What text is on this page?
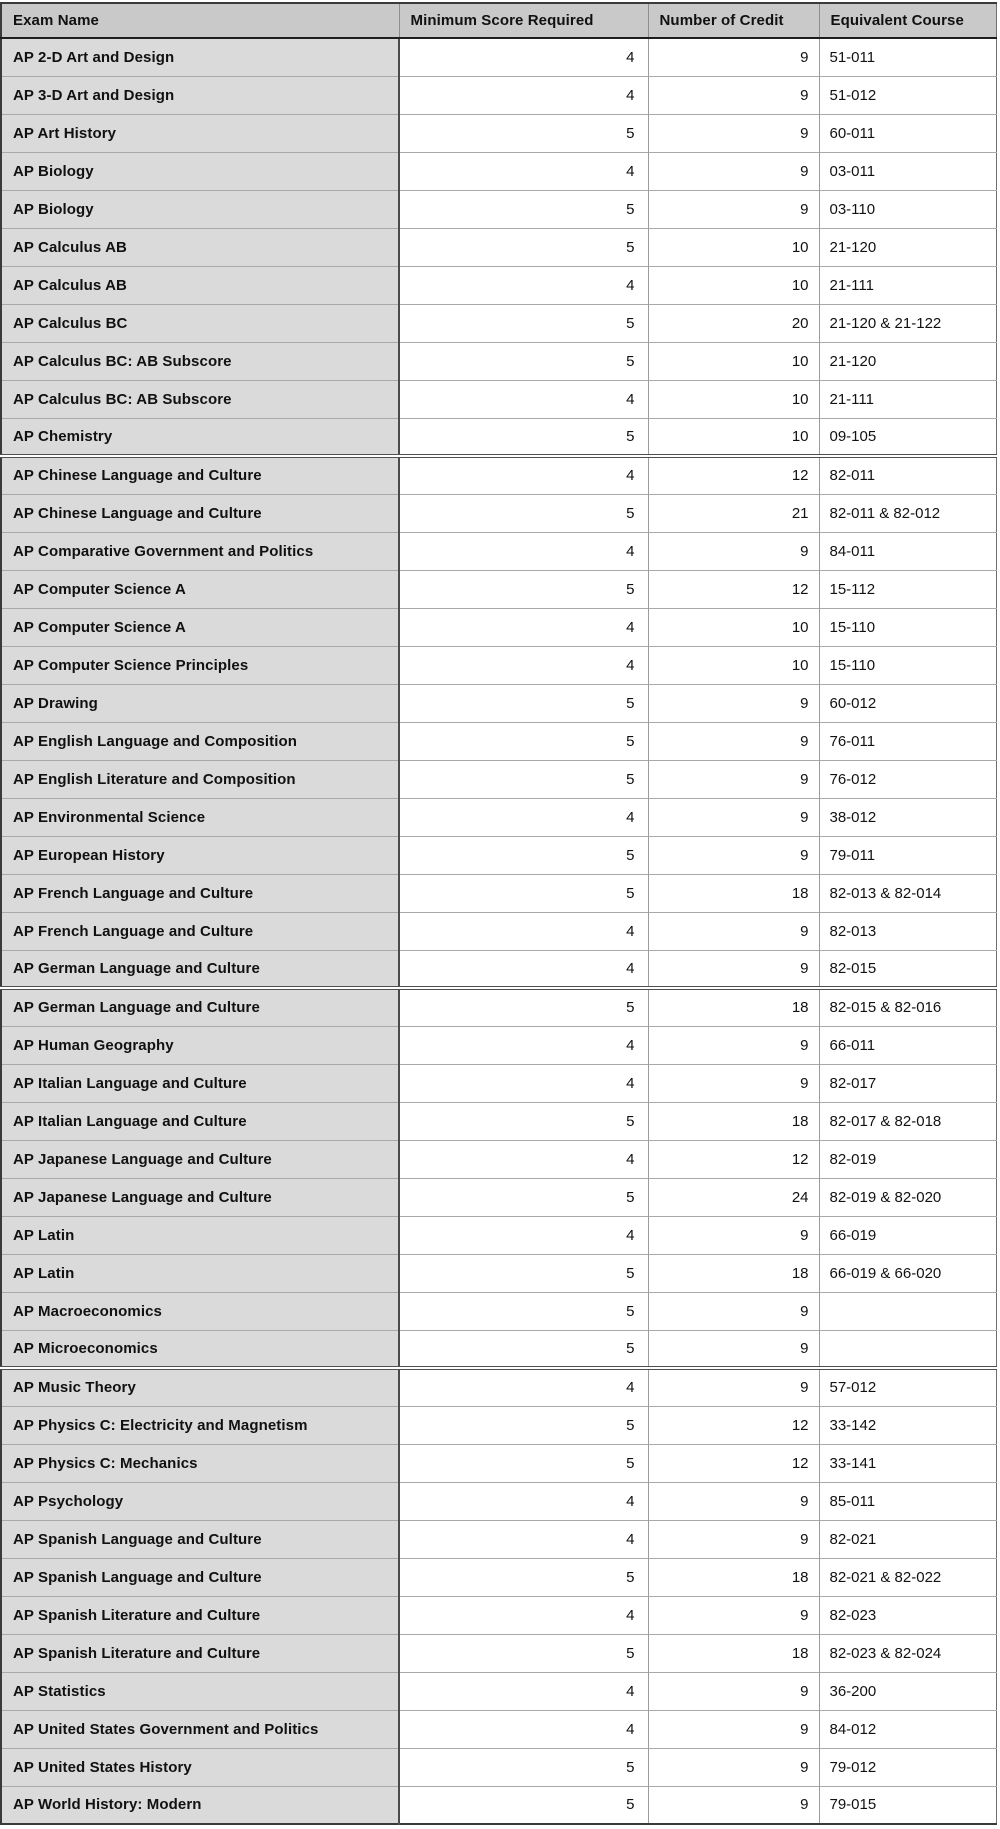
Exam Name	Minimum Score Required	Number of Credit	Equivalent Course
AP 2-D Art and Design	4	9	51-011
AP 3-D Art and Design	4	9	51-012
AP Art History	5	9	60-011
AP Biology	4	9	03-011
AP Biology	5	9	03-110
AP Calculus AB	5	10	21-120
AP Calculus AB	4	10	21-111
AP Calculus BC	5	20	21-120 & 21-122
AP Calculus BC: AB Subscore	5	10	21-120
AP Calculus BC: AB Subscore	4	10	21-111
AP Chemistry	5	10	09-105
AP Chinese Language and Culture	4	12	82-011
AP Chinese Language and Culture	5	21	82-011 & 82-012
AP Comparative Government and Politics	4	9	84-011
AP Computer Science A	5	12	15-112
AP Computer Science A	4	10	15-110
AP Computer Science Principles	4	10	15-110
AP Drawing	5	9	60-012
AP English Language and Composition	5	9	76-011
AP English Literature and Composition	5	9	76-012
AP Environmental Science	4	9	38-012
AP European History	5	9	79-011
AP French Language and Culture	5	18	82-013 & 82-014
AP French Language and Culture	4	9	82-013
AP German Language and Culture	4	9	82-015
AP German Language and Culture	5	18	82-015 & 82-016
AP Human Geography	4	9	66-011
AP Italian Language and Culture	4	9	82-017
AP Italian Language and Culture	5	18	82-017 & 82-018
AP Japanese Language and Culture	4	12	82-019
AP Japanese Language and Culture	5	24	82-019 & 82-020
AP Latin	4	9	66-019
AP Latin	5	18	66-019 & 66-020
AP Macroeconomics	5	9	
AP Microeconomics	5	9	
AP Music Theory	4	9	57-012
AP Physics C: Electricity and Magnetism	5	12	33-142
AP Physics C: Mechanics	5	12	33-141
AP Psychology	4	9	85-011
AP Spanish Language and Culture	4	9	82-021
AP Spanish Language and Culture	5	18	82-021 & 82-022
AP Spanish Literature and Culture	4	9	82-023
AP Spanish Literature and Culture	5	18	82-023 & 82-024
AP Statistics	4	9	36-200
AP United States Government and Politics	4	9	84-012
AP United States History	5	9	79-012
AP World History: Modern	5	9	79-015
